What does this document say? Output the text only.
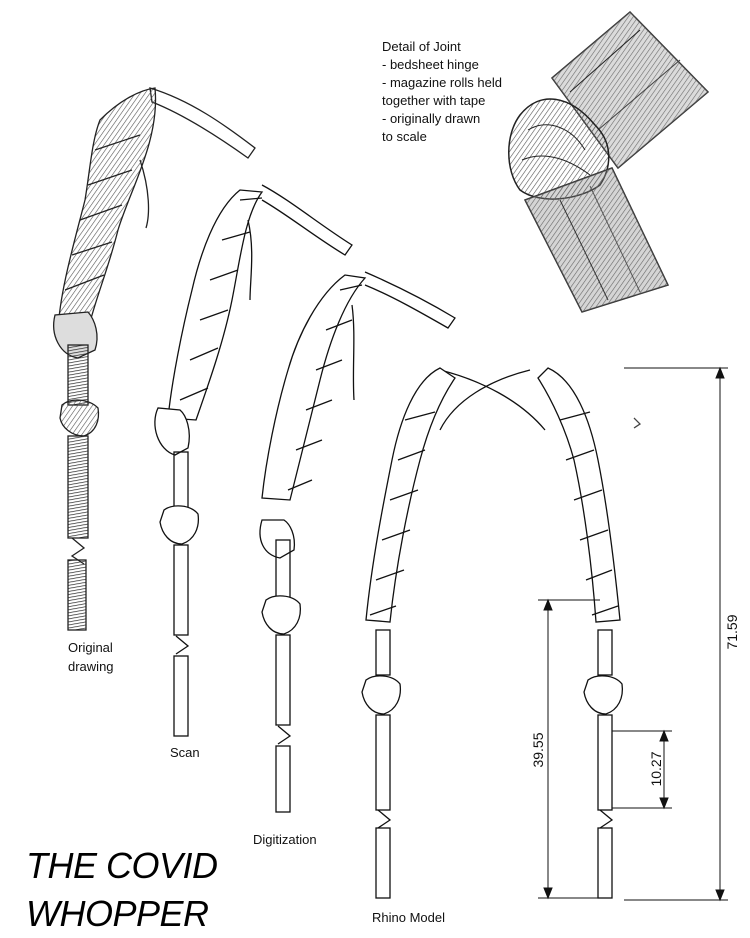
Detail of Joint
- bedsheet hinge
- magazine rolls held
together with tape
- originally drawn
to scale
Original
drawing
Scan
Digitization
Rhino Model
71.59
39.55
10.27
THE COVID
WHOPPER
